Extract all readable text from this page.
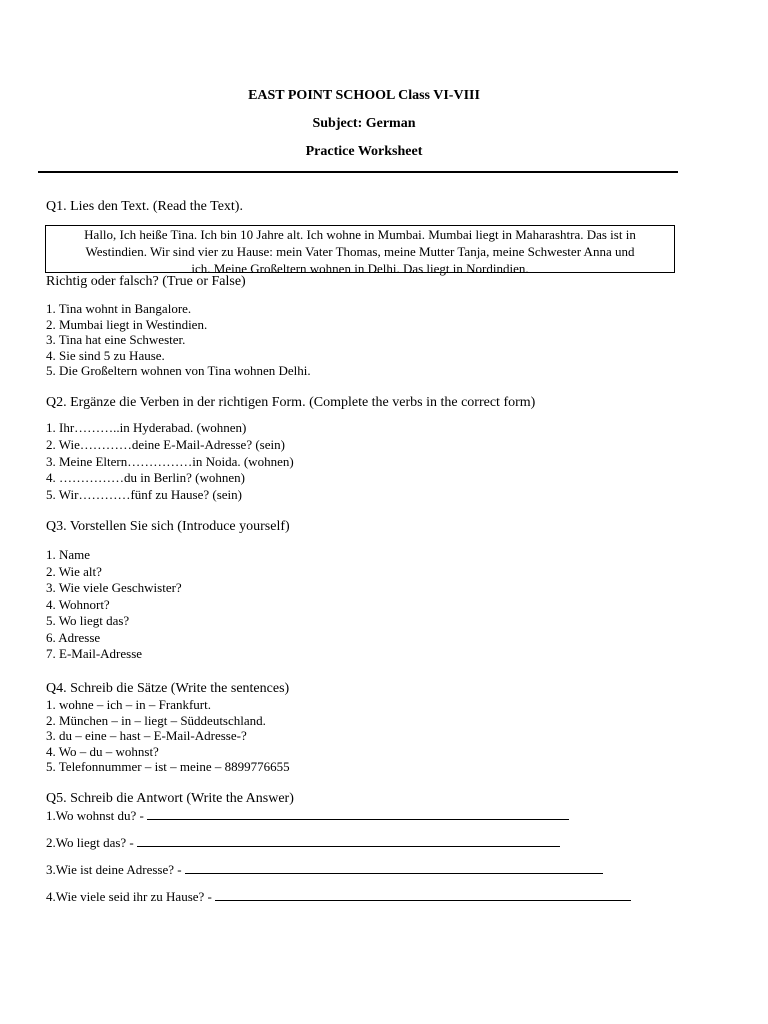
EAST POINT SCHOOL Class VI-VIII
Subject: German
Practice Worksheet
Q1. Lies den Text. (Read the Text).
Hallo, Ich heiße Tina. Ich bin 10 Jahre alt. Ich wohne in Mumbai. Mumbai liegt in Maharashtra. Das ist in
Westindien. Wir sind vier zu Hause: mein Vater Thomas, meine Mutter Tanja, meine Schwester Anna und
ich. Meine Großeltern wohnen in Delhi. Das liegt in Nordindien.
Richtig oder falsch? (True or False)
1. Tina wohnt in Bangalore.
2. Mumbai liegt in Westindien.
3. Tina hat eine Schwester.
4. Sie sind 5 zu Hause.
5. Die Großeltern wohnen von Tina wohnen Delhi.
Q2. Ergänze die Verben in der richtigen Form. (Complete the verbs in the correct form)
1. Ihr………..in Hyderabad. (wohnen)
2. Wie…………deine E-Mail-Adresse? (sein)
3. Meine Eltern……………in Noida. (wohnen)
4. ……………du in Berlin? (wohnen)
5. Wir…………fünf zu Hause? (sein)
Q3. Vorstellen Sie sich (Introduce yourself)
1. Name
2. Wie alt?
3. Wie viele Geschwister?
4. Wohnort?
5. Wo liegt das?
6. Adresse
7. E-Mail-Adresse
Q4. Schreib die Sätze (Write the sentences)
1. wohne – ich – in – Frankfurt.
2. München – in – liegt – Süddeutschland.
3. du – eine – hast – E-Mail-Adresse-?
4. Wo – du – wohnst?
5. Telefonnummer – ist – meine – 8899776655
Q5. Schreib die Antwort (Write the Answer)
1.Wo wohnst du? -
2.Wo liegt das? -
3.Wie ist deine Adresse? -
4.Wie viele seid ihr zu Hause? -
